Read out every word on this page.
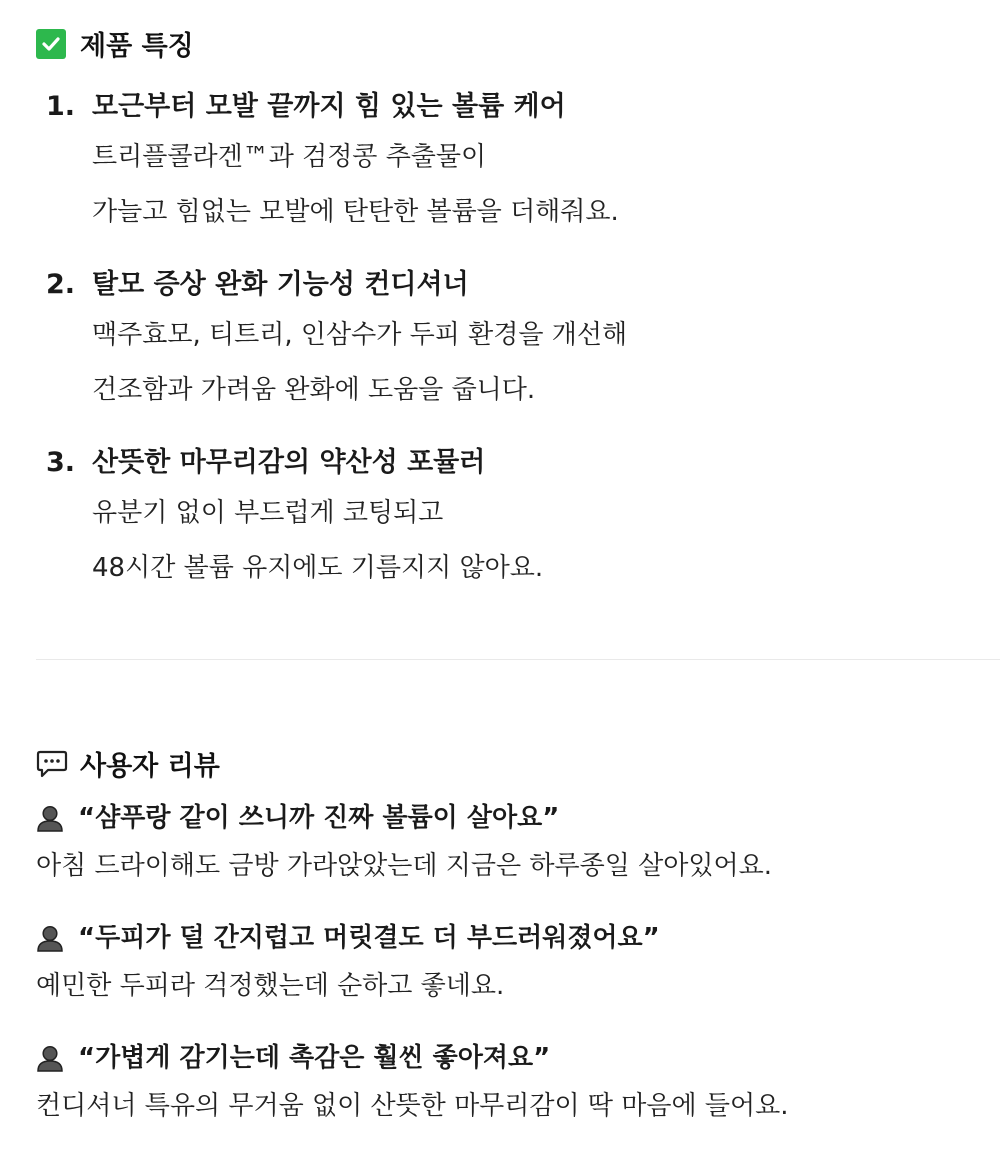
제품 특징
1. 모근부터 모발 끝까지 힘 있는 볼륨 케어
트리플콜라겐™과 검정콩 추출물이
가늘고 힘없는 모발에 탄탄한 볼륨을 더해줘요.
2. 탈모 증상 완화 기능성 컨디셔너
맥주효모, 티트리, 인삼수가 두피 환경을 개선해
건조함과 가려움 완화에 도움을 줍니다.
3. 산뜻한 마무리감의 약산성 포뮬러
유분기 없이 부드럽게 코팅되고
48시간 볼륨 유지에도 기름지지 않아요.
사용자 리뷰
“샴푸랑 같이 쓰니까 진짜 볼륨이 살아요”
아침 드라이해도 금방 가라앉았는데 지금은 하루종일 살아있어요.
“두피가 덜 간지럽고 머릿결도 더 부드러워졌어요”
예민한 두피라 걱정했는데 순하고 좋네요.
“가볍게 감기는데 촉감은 훨씬 좋아져요”
컨디셔너 특유의 무거움 없이 산뜻한 마무리감이 딱 마음에 들어요.
